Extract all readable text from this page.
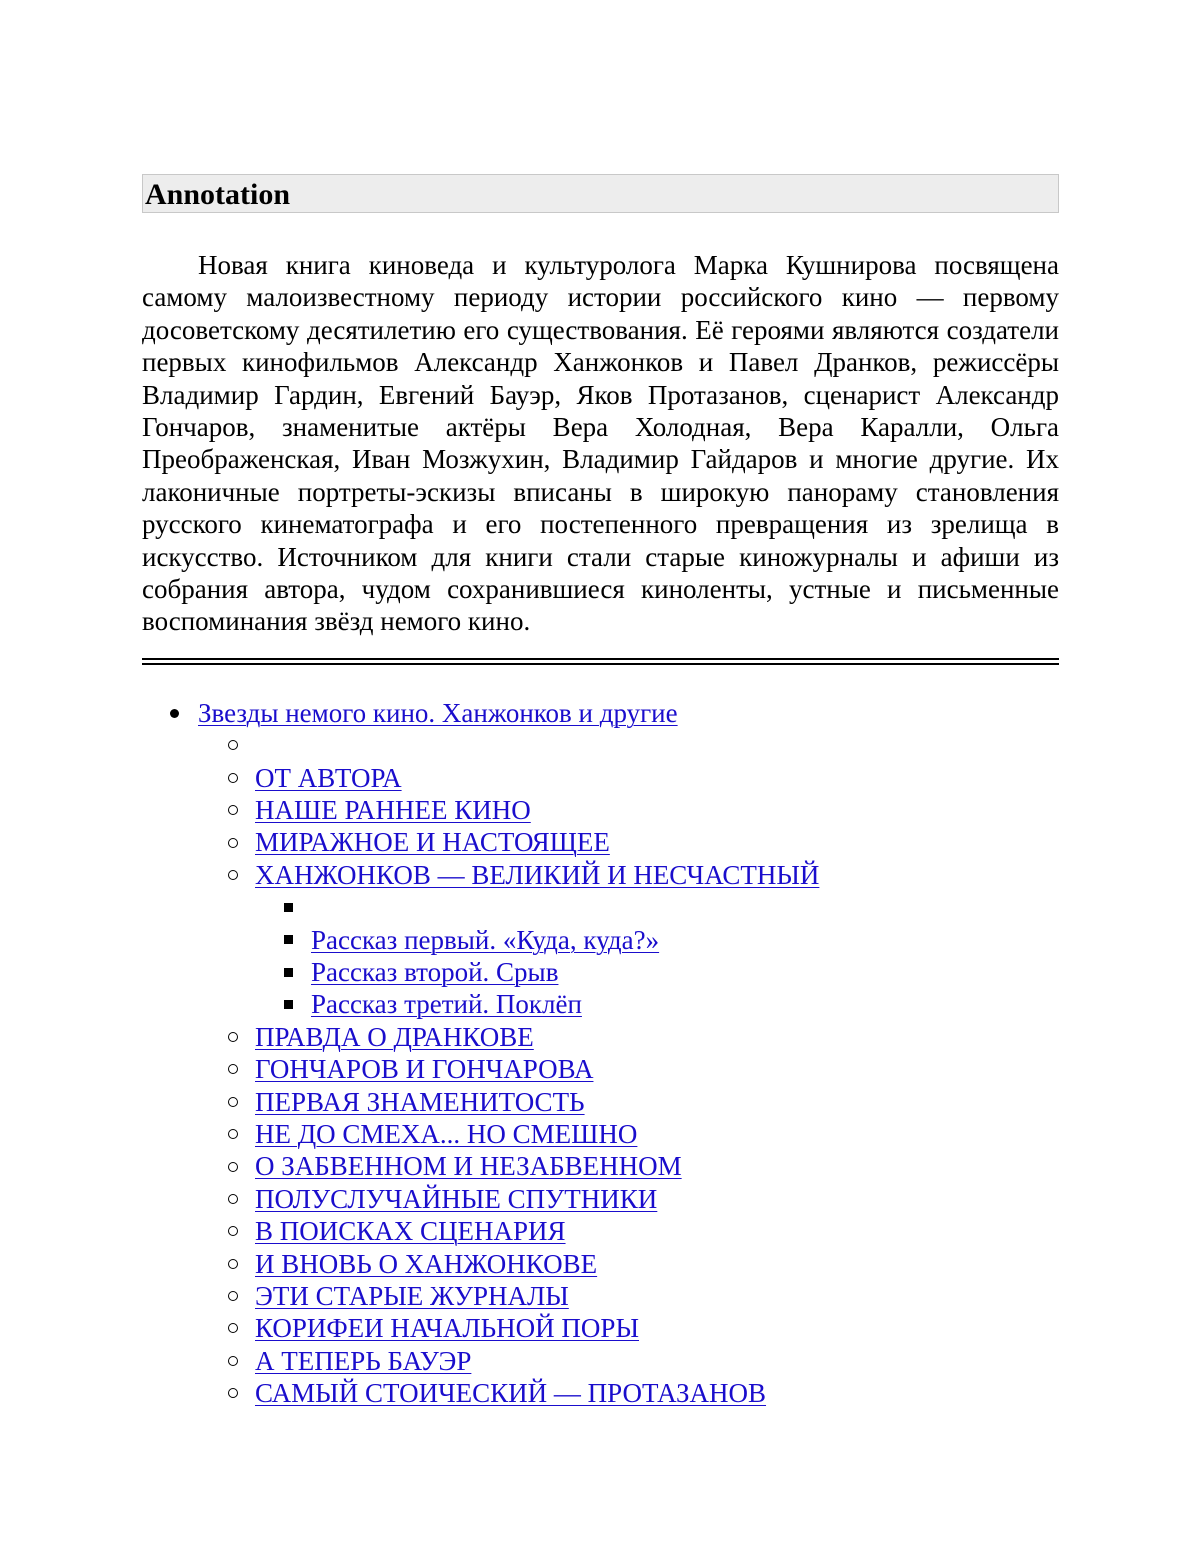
Annotation

Новая книга киноведа и культуролога Марка Кушнирова посвящена самому малоизвестному периоду истории российского кино — первому досоветскому десятилетию его существования. Её героями являются создатели первых кинофильмов Александр Ханжонков и Павел Дранков, режиссёры Владимир Гардин, Евгений Бауэр, Яков Протазанов, сценарист Александр Гончаров, знаменитые актёры Вера Холодная, Вера Каралли, Ольга Преображенская, Иван Мозжухин, Владимир Гайдаров и многие другие. Их лаконичные портреты-эскизы вписаны в широкую панораму становления русского кинематографа и его постепенного превращения из зрелища в искусство. Источником для книги стали старые киножурналы и афиши из собрания автора, чудом сохранившиеся киноленты, устные и письменные воспоминания звёзд немого кино.

Звезды немого кино. Ханжонков и другие
ОТ АВТОРА
НАШЕ РАННЕЕ КИНО
МИРАЖНОЕ И НАСТОЯЩЕЕ
ХАНЖОНКОВ — ВЕЛИКИЙ И НЕСЧАСТНЫЙ
Рассказ первый. «Куда, куда?»
Рассказ второй. Срыв
Рассказ третий. Поклёп
ПРАВДА О ДРАНКОВЕ
ГОНЧАРОВ И ГОНЧАРОВА
ПЕРВАЯ ЗНАМЕНИТОСТЬ
НЕ ДО СМЕХА... НО СМЕШНО
О ЗАБВЕННОМ И НЕЗАБВЕННОМ
ПОЛУСЛУЧАЙНЫЕ СПУТНИКИ
В ПОИСКАХ СЦЕНАРИЯ
И ВНОВЬ О ХАНЖОНКОВЕ
ЭТИ СТАРЫЕ ЖУРНАЛЫ
КОРИФЕИ НАЧАЛЬНОЙ ПОРЫ
А ТЕПЕРЬ БАУЭР
САМЫЙ СТОИЧЕСКИЙ — ПРОТАЗАНОВ
